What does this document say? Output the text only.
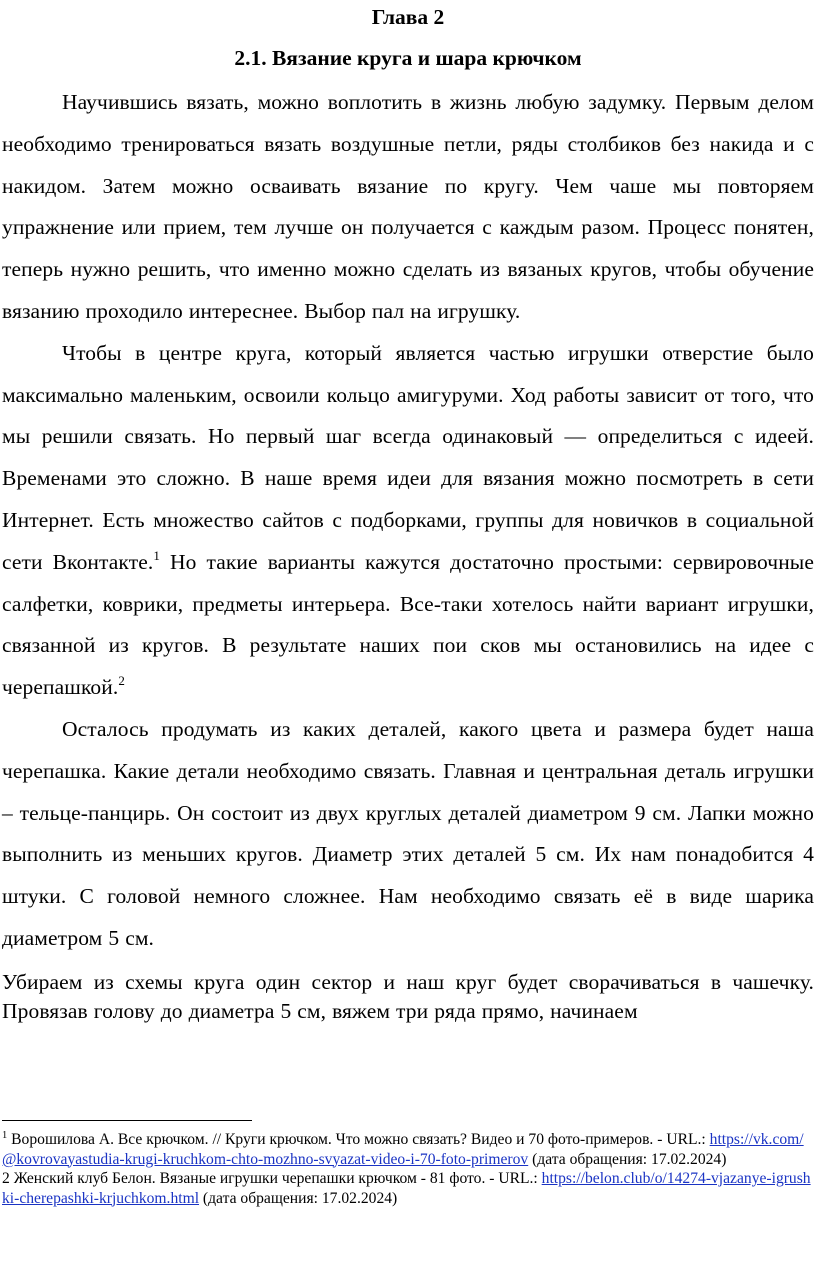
Глава 2
2.1. Вязание круга и шара крючком

Научившись вязать, можно воплотить в жизнь любую задумку. Первым делом необходимо тренироваться вязать воздушные петли, ряды столбиков без накида и с накидом. Затем можно осваивать вязание по кругу. Чем чаше мы повторяем упражнение или прием, тем лучше он получается с каждым разом. Процесс понятен, теперь нужно решить, что именно можно сделать из вязаных кругов, чтобы обучение вязанию проходило интереснее. Выбор пал на игрушку.

Чтобы в центре круга, который является частью игрушки отверстие было максимально маленьким, освоили кольцо амигуруми. Ход работы зависит от того, что мы решили связать. Но первый шаг всегда одинаковый — определиться с идеей. Временами это сложно. В наше время идеи для вязания можно посмотреть в сети Интернет. Есть множество сайтов с подборками, группы для новичков в социальной сети Вконтакте.$^1$ Но такие варианты кажутся достаточно простыми: сервировочные салфетки, коврики, предметы интерьера. Все-таки хотелось найти вариант игрушки, связанной из кругов. В результате наших пои сков мы остановились на идее с черепашкой.$^2$

Осталось продумать из каких деталей, какого цвета и размера будет наша черепашка. Какие детали необходимо связать. Главная и центральная деталь игрушки – тельце-панцирь. Он состоит из двух круглых деталей диаметром 9 см. Лапки можно выполнить из меньших кругов. Диаметр этих деталей 5 см. Их нам понадобится 4 штуки. С головой немного сложнее. Нам необходимо связать её в виде шарика диаметром 5 см.

Убираем из схемы круга один сектор и наш круг будет сворачиваться в чашечку. Провязав голову до диаметра 5 см, вяжем три ряда прямо, начинаем

$^1$ Ворошилова А. Все крючком. // Круги крючком. Что можно связать? Видео и 70 фото-примеров. - URL.: https://vk.com/@kovrovayastudia-krugi-kruchkom-chto-mozhno-svyazat-video-i-70-foto-primerov (дата обращения: 17.02.2024)

2 Женский клуб Белон. Вязаные игрушки черепашки крючком - 81 фото. - URL.: https://belon.club/o/14274-vjazanye-igrushki-cherepashki-krjuchkom.html (дата обращения: 17.02.2024)
